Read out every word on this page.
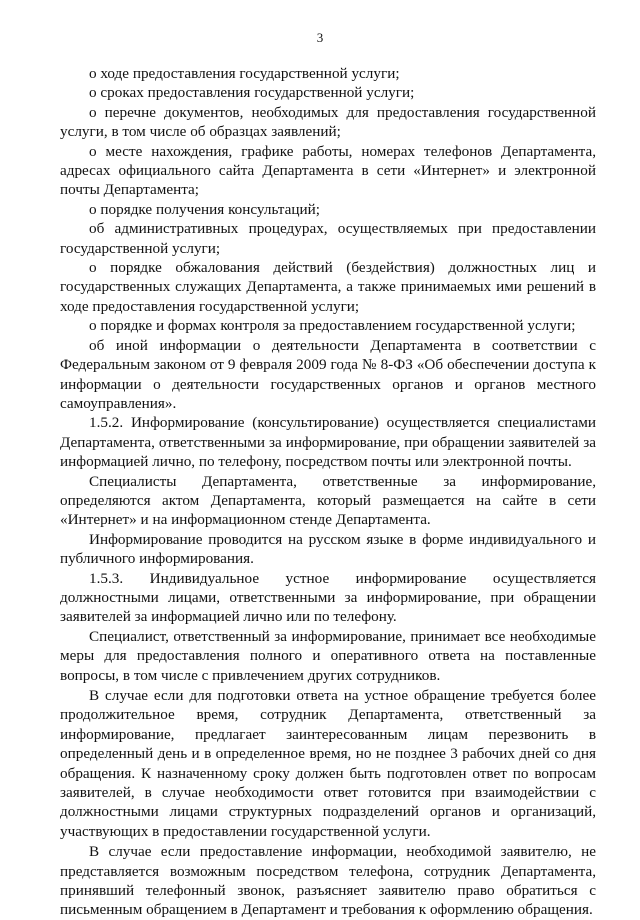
3

о ходе предоставления государственной услуги;

о сроках предоставления государственной услуги;

о перечне документов, необходимых для предоставления государственной услуги, в том числе об образцах заявлений;

о месте нахождения, графике работы, номерах телефонов Департамента, адресах официального сайта Департамента в сети «Интернет» и электронной почты Департамента;

о порядке получения консультаций;

об административных процедурах, осуществляемых при предоставлении государственной услуги;

о порядке обжалования действий (бездействия) должностных лиц и государственных служащих Департамента, а также принимаемых ими решений в ходе предоставления государственной услуги;

о порядке и формах контроля за предоставлением государственной услуги;

об иной информации о деятельности Департамента в соответствии с Федеральным законом от 9 февраля 2009 года № 8-ФЗ «Об обеспечении доступа к информации о деятельности государственных органов и органов местного самоуправления».

1.5.2. Информирование (консультирование) осуществляется специалистами Департамента, ответственными за информирование, при обращении заявителей за информацией лично, по телефону, посредством почты или электронной почты.

Специалисты Департамента, ответственные за информирование, определяются актом Департамента, который размещается на сайте в сети «Интернет» и на информационном стенде Департамента.

Информирование проводится на русском языке в форме индивидуального и публичного информирования.

1.5.3. Индивидуальное устное информирование осуществляется должностными лицами, ответственными за информирование, при обращении заявителей за информацией лично или по телефону.

Специалист, ответственный за информирование, принимает все необходимые меры для предоставления полного и оперативного ответа на поставленные вопросы, в том числе с привлечением других сотрудников.

В случае если для подготовки ответа на устное обращение требуется более продолжительное время, сотрудник Департамента, ответственный за информирование, предлагает заинтересованным лицам перезвонить в определенный день и в определенное время, но не позднее 3 рабочих дней со дня обращения. К назначенному сроку должен быть подготовлен ответ по вопросам заявителей, в случае необходимости ответ готовится при взаимодействии с должностными лицами структурных подразделений органов и организаций, участвующих в предоставлении государственной услуги.

В случае если предоставление информации, необходимой заявителю, не представляется возможным посредством телефона, сотрудник Департамента, принявший телефонный звонок, разъясняет заявителю право обратиться с письменным обращением в Департамент и требования к оформлению обращения.
